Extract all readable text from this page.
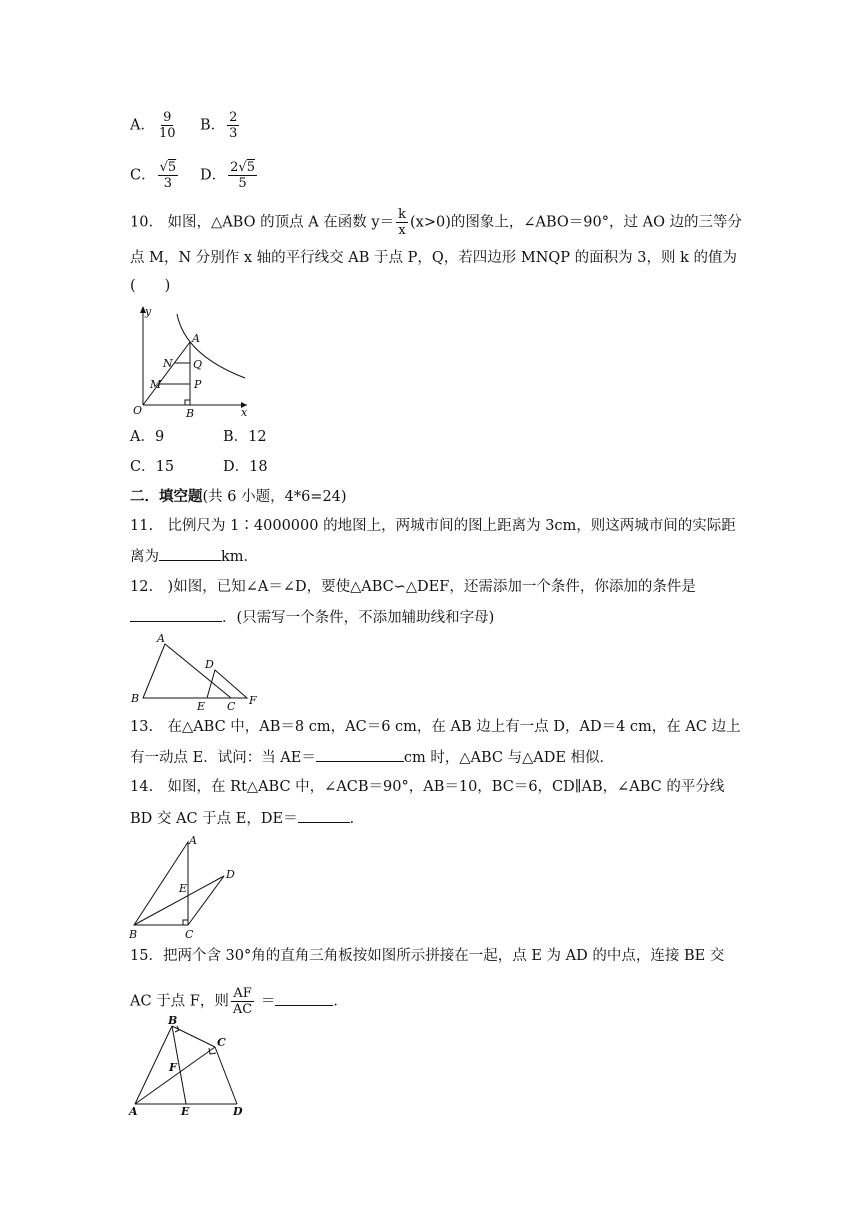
A． $\frac{9}{10}$ B． $\frac{2}{3}$
C． $\frac{√5}{3}$ D． $\frac{2√5}{5}$
10.　如图，△ABO 的顶点 A 在函数 $y= \frac{k}{x} (x>0)$的图象上，∠ABO＝90°，过 AO 边的三等分
点 M，N 分别作 x 轴的平行线交 AB 于点 P，Q，若四边形 MNQP 的面积为 3，则 k 的值为
(　　)
y
x
O
A
B
N Q
M	P
A．9	B．12
C．15	D．18
二．填空题(共 6 小题，4*6=24)
11.　比例尺为 1∶4000000 的地图上，两城市间的图上距离为 3cm，则这两城市间的实际距
离为	km．
12.　)如图，已知∠A＝∠D，要使△ABC∽△DEF，还需添加一个条件，你添加的条件是
．(只需写一个条件，不添加辅助线和字母)
A
B
D
E C F
13.　在△ABC 中，AB＝8 cm，AC＝6 cm，在 AB 边上有一点 D，AD＝4 cm，在 AC 边上
有一动点 E．试问：当 AE＝	cm 时，△ABC 与△ADE 相似．
14.　如图，在 Rt△ABC 中，∠ACB＝90°，AB＝10，BC＝6，CD∥AB，∠ABC 的平分线
BD 交 AC 于点 E，DE＝	．
A
D
E
B	C
15．把两个含 30°角的直角三角板按如图所示拼接在一起，点 E 为 AD 的中点，连接 BE 交
AC 于点 F，则 $\frac{AF}{AC}$ ＝	．
B
C
F
A	E	D
